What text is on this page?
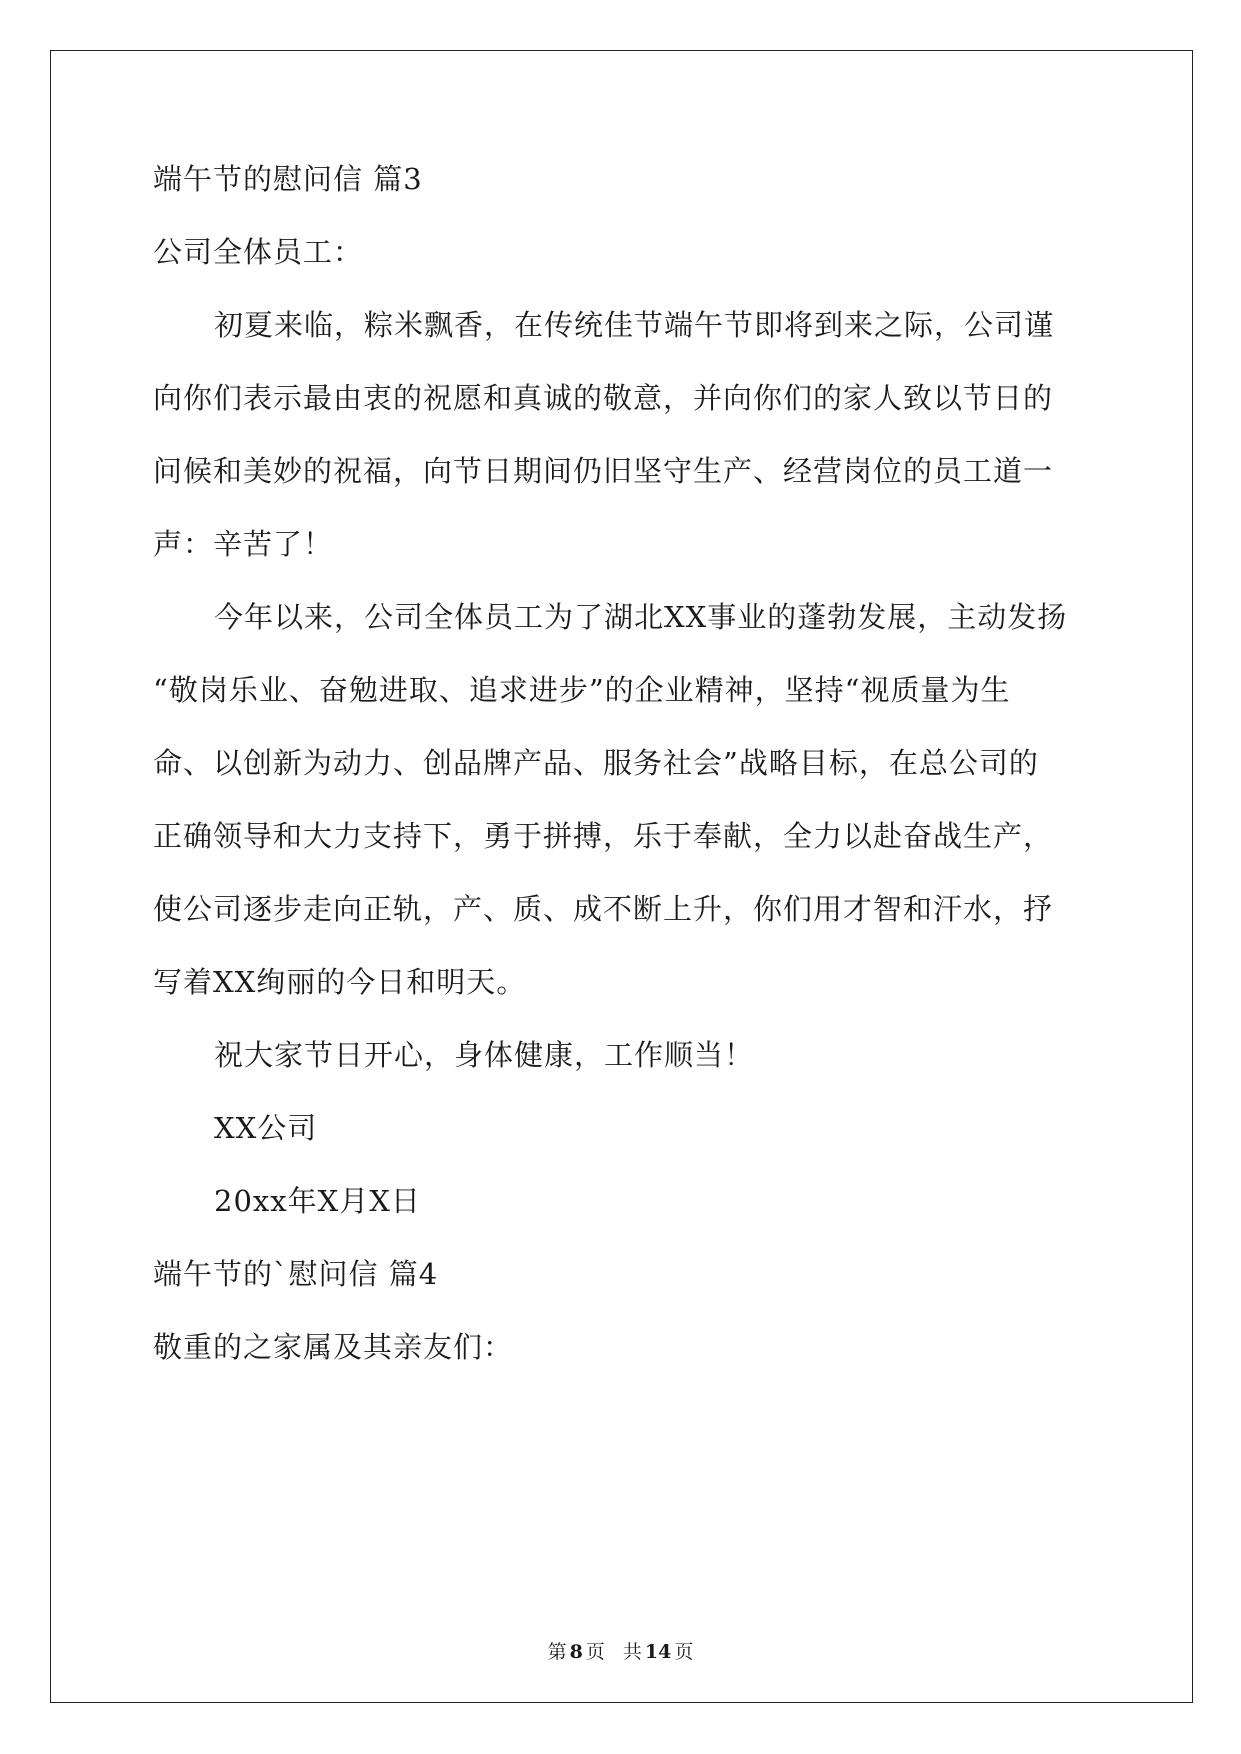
端午节的慰问信 篇3
公司全体员工：
初夏来临，粽米飘香，在传统佳节端午节即将到来之际，公司谨
向你们表示最由衷的祝愿和真诚的敬意，并向你们的家人致以节日的
问候和美妙的祝福，向节日期间仍旧坚守生产、经营岗位的员工道一
声：辛苦了！
今年以来，公司全体员工为了湖北XX事业的蓬勃发展，主动发扬
“敬岗乐业、奋勉进取、追求进步”的企业精神，坚持“视质量为生
命、以创新为动力、创品牌产品、服务社会”战略目标，在总公司的
正确领导和大力支持下，勇于拼搏，乐于奉献，全力以赴奋战生产，
使公司逐步走向正轨，产、质、成不断上升，你们用才智和汗水，抒
写着XX绚丽的今日和明天。
祝大家节日开心，身体健康，工作顺当！
XX公司
20xx年X月X日
端午节的`慰问信 篇4
敬重的之家属及其亲友们：
第 8 页 共 14 页
